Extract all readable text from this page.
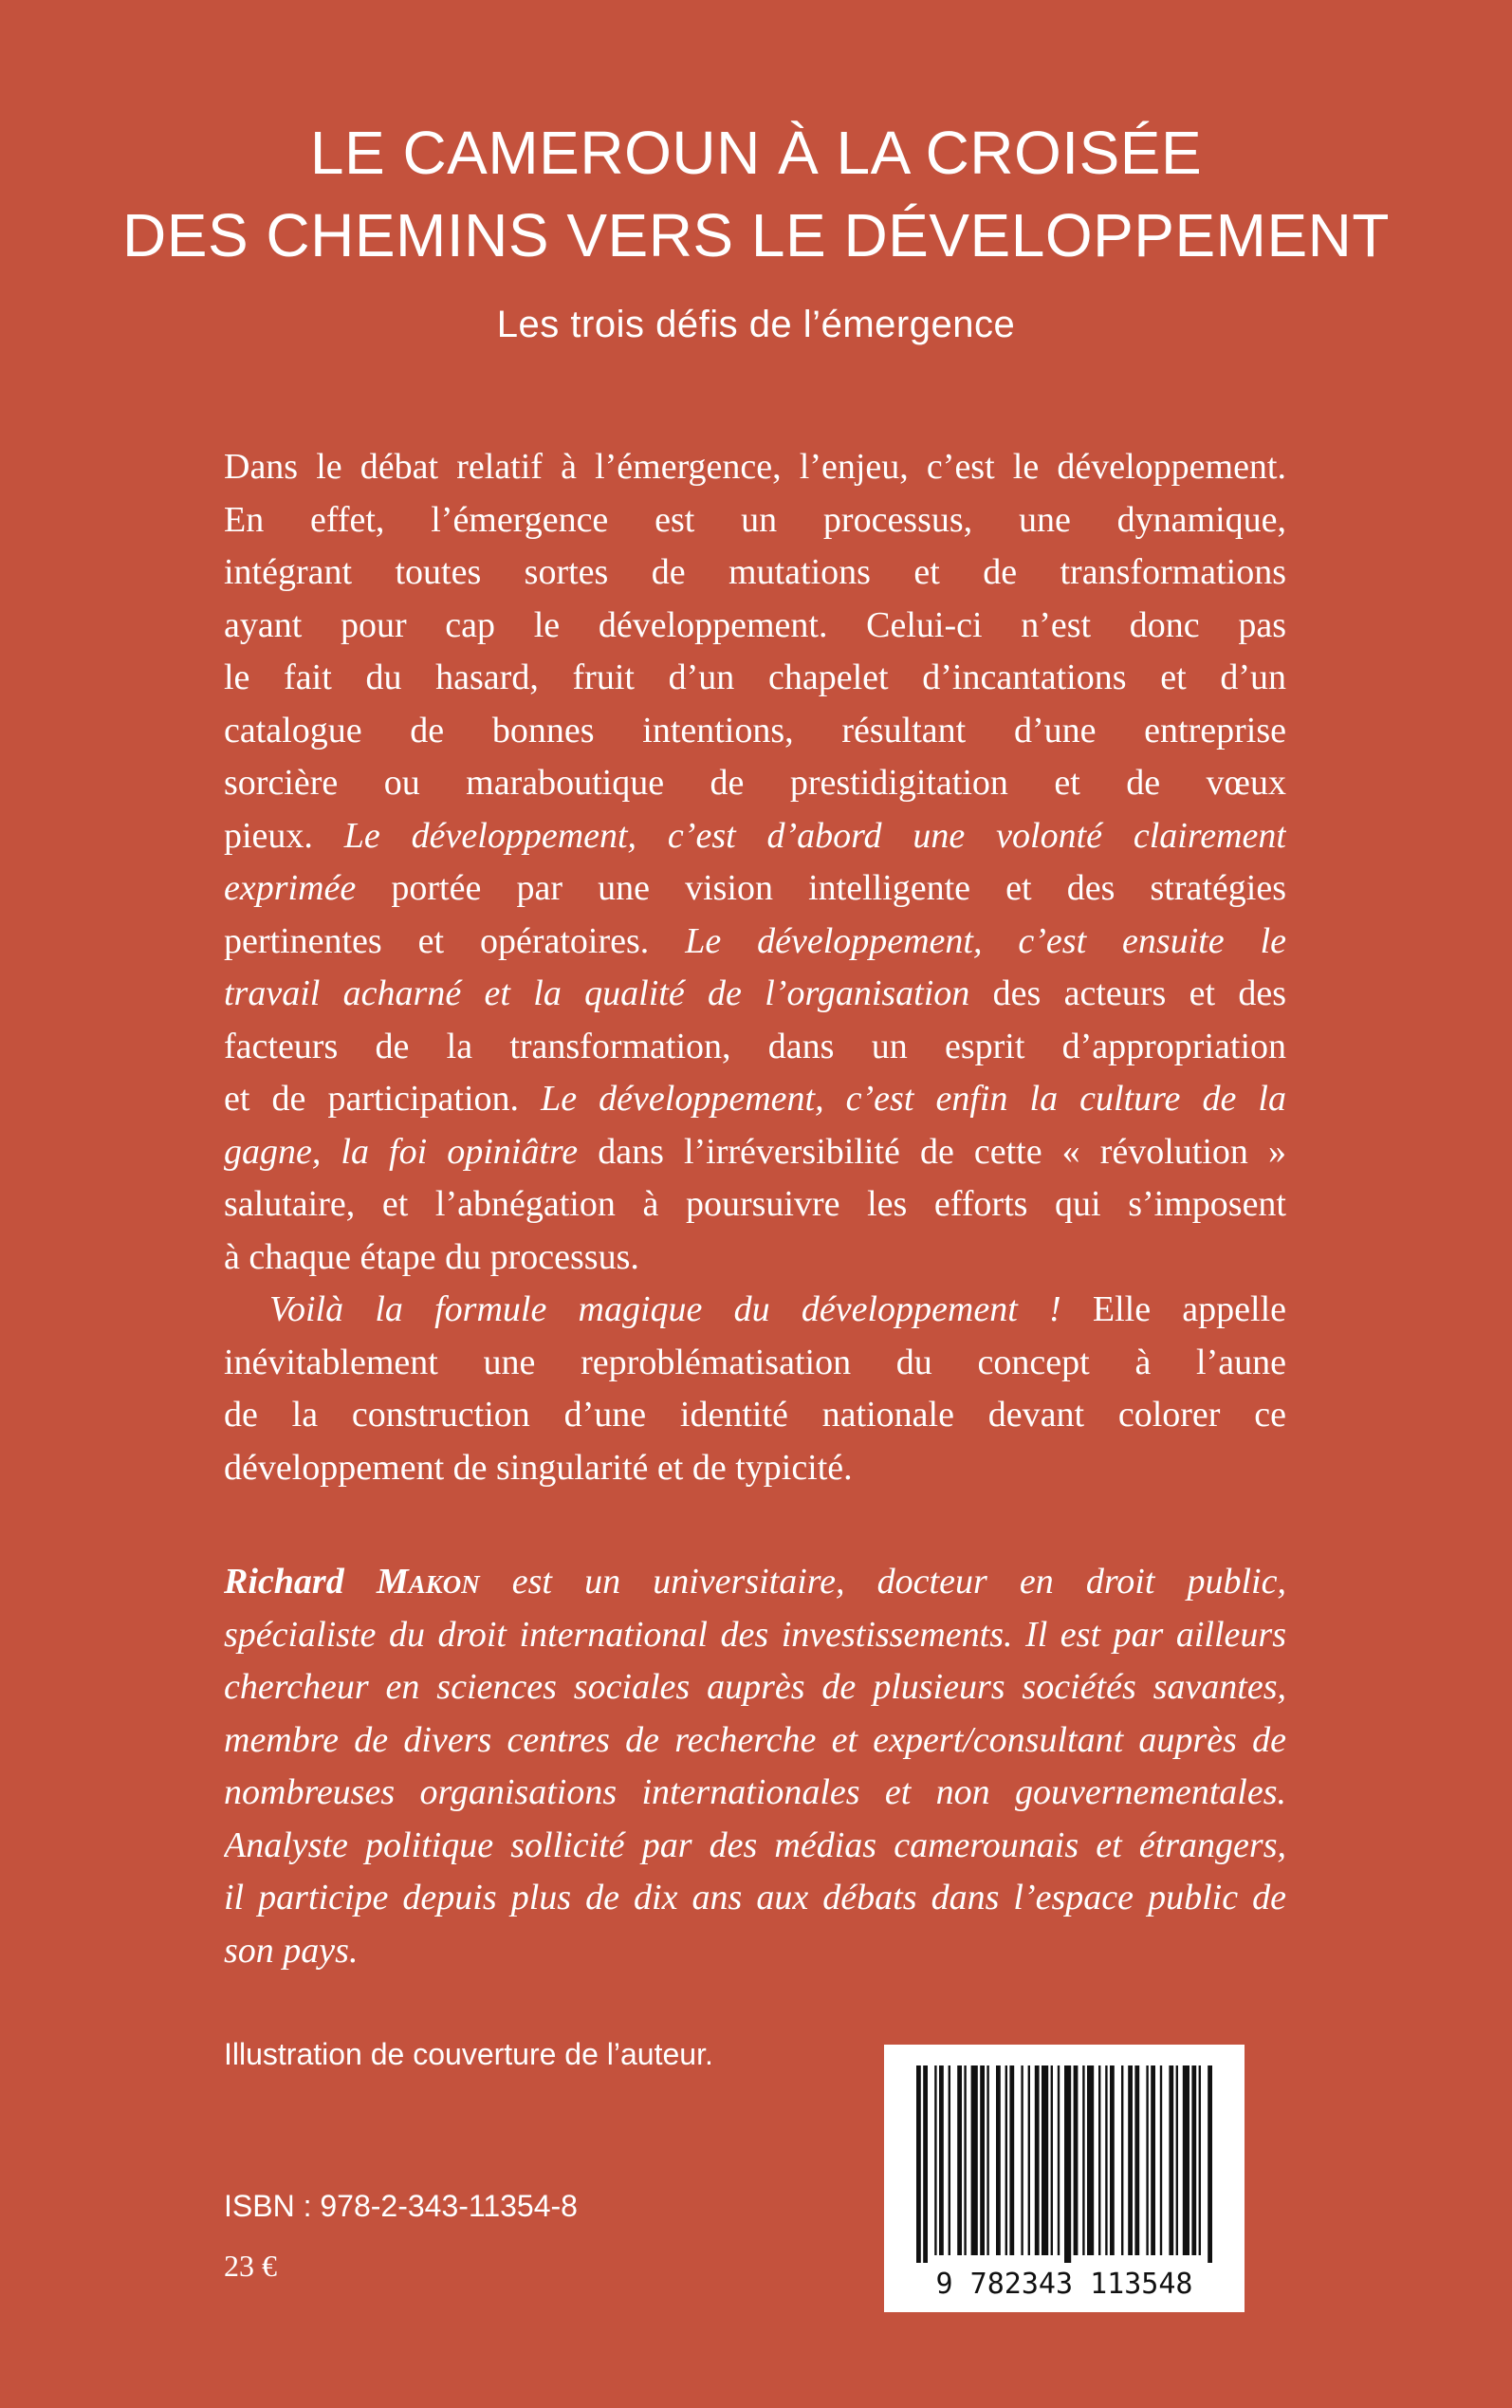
LE CAMEROUN À LA CROISÉE
DES CHEMINS VERS LE DÉVELOPPEMENT

Les trois défis de l’émergence

Dans le débat relatif à l’émergence, l’enjeu, c’est le développement.
En effet, l’émergence est un processus, une dynamique,
intégrant toutes sortes de mutations et de transformations
ayant pour cap le développement. Celui-ci n’est donc pas
le fait du hasard, fruit d’un chapelet d’incantations et d’un
catalogue de bonnes intentions, résultant d’une entreprise
sorcière ou maraboutique de prestidigitation et de vœux
pieux. Le développement, c’est d’abord une volonté clairement
exprimée portée par une vision intelligente et des stratégies
pertinentes et opératoires. Le développement, c’est ensuite le
travail acharné et la qualité de l’organisation des acteurs et des
facteurs de la transformation, dans un esprit d’appropriation
et de participation. Le développement, c’est enfin la culture de la
gagne, la foi opiniâtre dans l’irréversibilité de cette « révolution »
salutaire, et l’abnégation à poursuivre les efforts qui s’imposent
à chaque étape du processus.
Voilà la formule magique du développement ! Elle appelle
inévitablement une reproblématisation du concept à l’aune
de la construction d’une identité nationale devant colorer ce
développement de singularité et de typicité.
Richard Makon est un universitaire, docteur en droit public,
spécialiste du droit international des investissements. Il est par ailleurs
chercheur en sciences sociales auprès de plusieurs sociétés savantes,
membre de divers centres de recherche et expert/consultant auprès de
nombreuses organisations internationales et non gouvernementales.
Analyste politique sollicité par des médias camerounais et étrangers,
il participe depuis plus de dix ans aux débats dans l’espace public de
son pays.

Illustration de couverture de l’auteur.

ISBN : 978-2-343-11354-8

23 €

9 782343 113548
